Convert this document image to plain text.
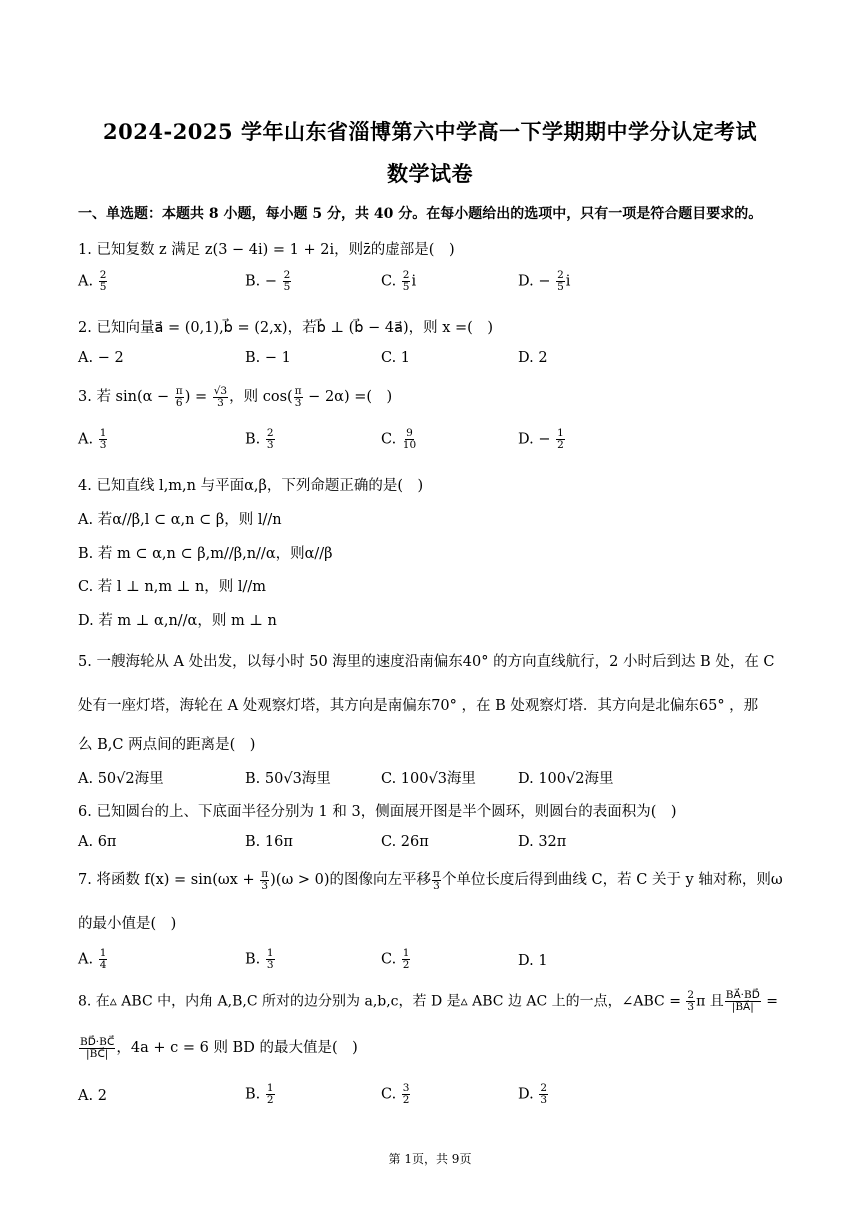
2024-2025 学年山东省淄博第六中学高一下学期期中学分认定考试
数学试卷
一、单选题：本题共 8 小题，每小题 5 分，共 40 分。在每小题给出的选项中，只有一项是符合题目要求的。
1. 已知复数 z 满足 z(3 − 4i) = 1 + 2i，则z̄的虚部是(　)
A. $\frac{2}{5}$	B. − $\frac{2}{5}$	C. $\frac{2}{5}$ i	D. − $\frac{2}{5}$ i
2. 已知向量a⃗ = (0,1),b⃗ = (2,x)，若b⃗ ⊥ (b⃗ − 4a⃗)，则 x =(　)
A. − 2	B. − 1	C. 1	D. 2
3. 若 $\sin(\alpha - \frac{\pi}{6}$ ) = $\frac{√3}{3}$ ，则 $\cos( \frac{\pi}{3} - 2\alpha)$ =(　)
A. $\frac{1}{3}$	B. $\frac{2}{3}$	C. $\frac{9}{10}$	D. − $\frac{1}{2}$
4. 已知直线 l,m,n 与平面α,β，下列命题正确的是(　)
A. 若α//β,l ⊂ α,n ⊂ β，则 l//n
B. 若 m ⊂ α,n ⊂ β,m//β,n//α，则α//β
C. 若 l ⊥ n,m ⊥ n，则 l//m
D. 若 m ⊥ α,n//α，则 m ⊥ n
5. 一艘海轮从 A 处出发，以每小时 50 海里的速度沿南偏东40° 的方向直线航行，2 小时后到达 B 处，在 C
处有一座灯塔，海轮在 A 处观察灯塔，其方向是南偏东70° ，在 B 处观察灯塔．其方向是北偏东65° ，那
么 B,C 两点间的距离是(　)
A. 50√2海里	B. 50√3海里	C. 100√3海里	D. 100√2海里
6. 已知圆台的上、下底面半径分别为 1 和 3，侧面展开图是半个圆环，则圆台的表面积为(　)
A. 6π	B. 16π	C. 26π	D. 32π
7. 将函数 $f(x) = \sin(\omega x + \frac{\pi}{3} )(\omega > 0)$的图像向左平移 $\frac{\pi}{3}$ 个单位长度后得到曲线 C，若 C 关于 y 轴对称，则ω
的最小值是(　)
A. $\frac{1}{4}$	B. $\frac{1}{3}$	C. $\frac{1}{2}$	D. 1
8. 在▵ ABC 中，内角 A,B,C 所对的边分别为 a,b,c，若 D 是▵ ABC 边 AC 上的一点，∠ABC = $\frac{2}{3}$ π 且 $\frac{BA⃗\cdot BD⃗}{|BA⃗|}$ =
$\frac{BD⃗\cdot BC⃗}{|BC⃗|}$ ，4a + c = 6 则 BD 的最大值是(　)
A. 2	B. $\frac{1}{2}$	C. $\frac{3}{2}$	D. $\frac{2}{3}$
第 1页，共 9页
